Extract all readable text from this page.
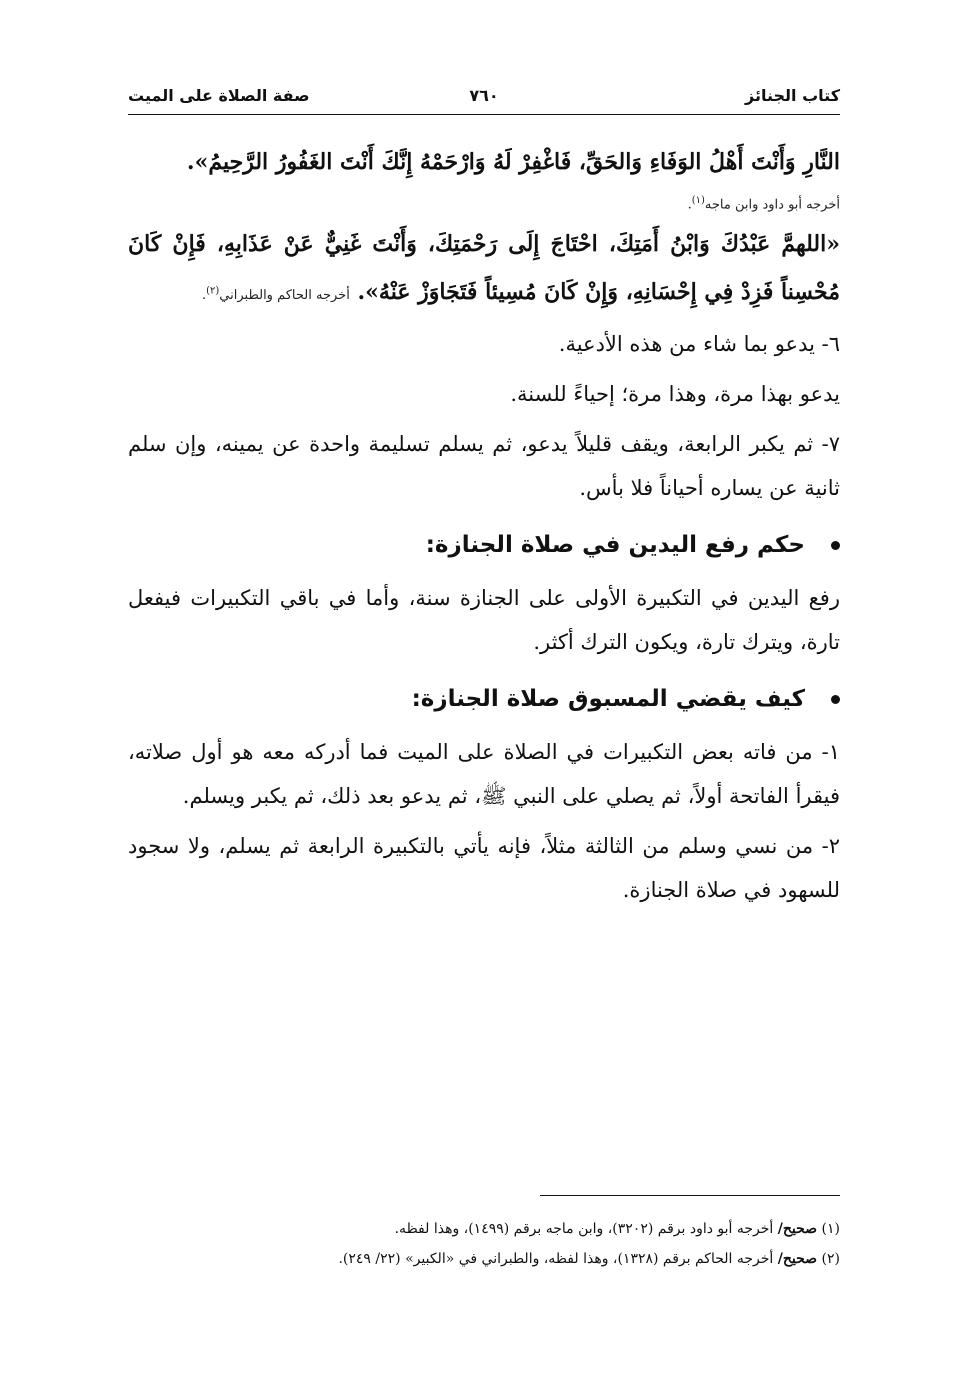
كتاب الجنائز
٧٦٠
صفة الصلاة على الميت

النَّارِ وَأَنْتَ أَهْلُ الوَفَاءِ وَالحَقِّ، فَاغْفِرْ لَهُ وَارْحَمْهُ إِنَّكَ أَنْتَ الغَفُورُ الرَّحِيمُ».

أخرجه أبو داود وابن ماجه$^{(١)}$.

«اللهمَّ عَبْدُكَ وَابْنُ أَمَتِكَ، احْتَاجَ إِلَى رَحْمَتِكَ، وَأَنْتَ غَنِيٌّ عَنْ عَذَابِهِ، فَإِنْ كَانَ مُحْسِناً فَزِدْ فِي إِحْسَانِهِ، وَإِنْ كَانَ مُسِيئاً فَتَجَاوَزْ عَنْهُ». أخرجه الحاكم والطبراني$^{(٢)}$.

٦- يدعو بما شاء من هذه الأدعية.

يدعو بهذا مرة، وهذا مرة؛ إحياءً للسنة.

٧- ثم يكبر الرابعة، ويقف قليلاً يدعو، ثم يسلم تسليمة واحدة عن يمينه، وإن سلم ثانية عن يساره أحياناً فلا بأس.

حكم رفع اليدين في صلاة الجنازة:

رفع اليدين في التكبيرة الأولى على الجنازة سنة، وأما في باقي التكبيرات فيفعل تارة، ويترك تارة، ويكون الترك أكثر.

كيف يقضي المسبوق صلاة الجنازة:

١- من فاته بعض التكبيرات في الصلاة على الميت فما أدركه معه هو أول صلاته، فيقرأ الفاتحة أولاً، ثم يصلي على النبي ﷺ، ثم يدعو بعد ذلك، ثم يكبر ويسلم.

٢- من نسي وسلم من الثالثة مثلاً، فإنه يأتي بالتكبيرة الرابعة ثم يسلم، ولا سجود للسهود في صلاة الجنازة.

(١) صحيح/ أخرجه أبو داود برقم (٣٢٠٢)، وابن ماجه برقم (١٤٩٩)، وهذا لفظه.

(٢) صحيح/ أخرجه الحاكم برقم (١٣٢٨)، وهذا لفظه، والطبراني في «الكبير» (٢٢/ ٢٤٩).
